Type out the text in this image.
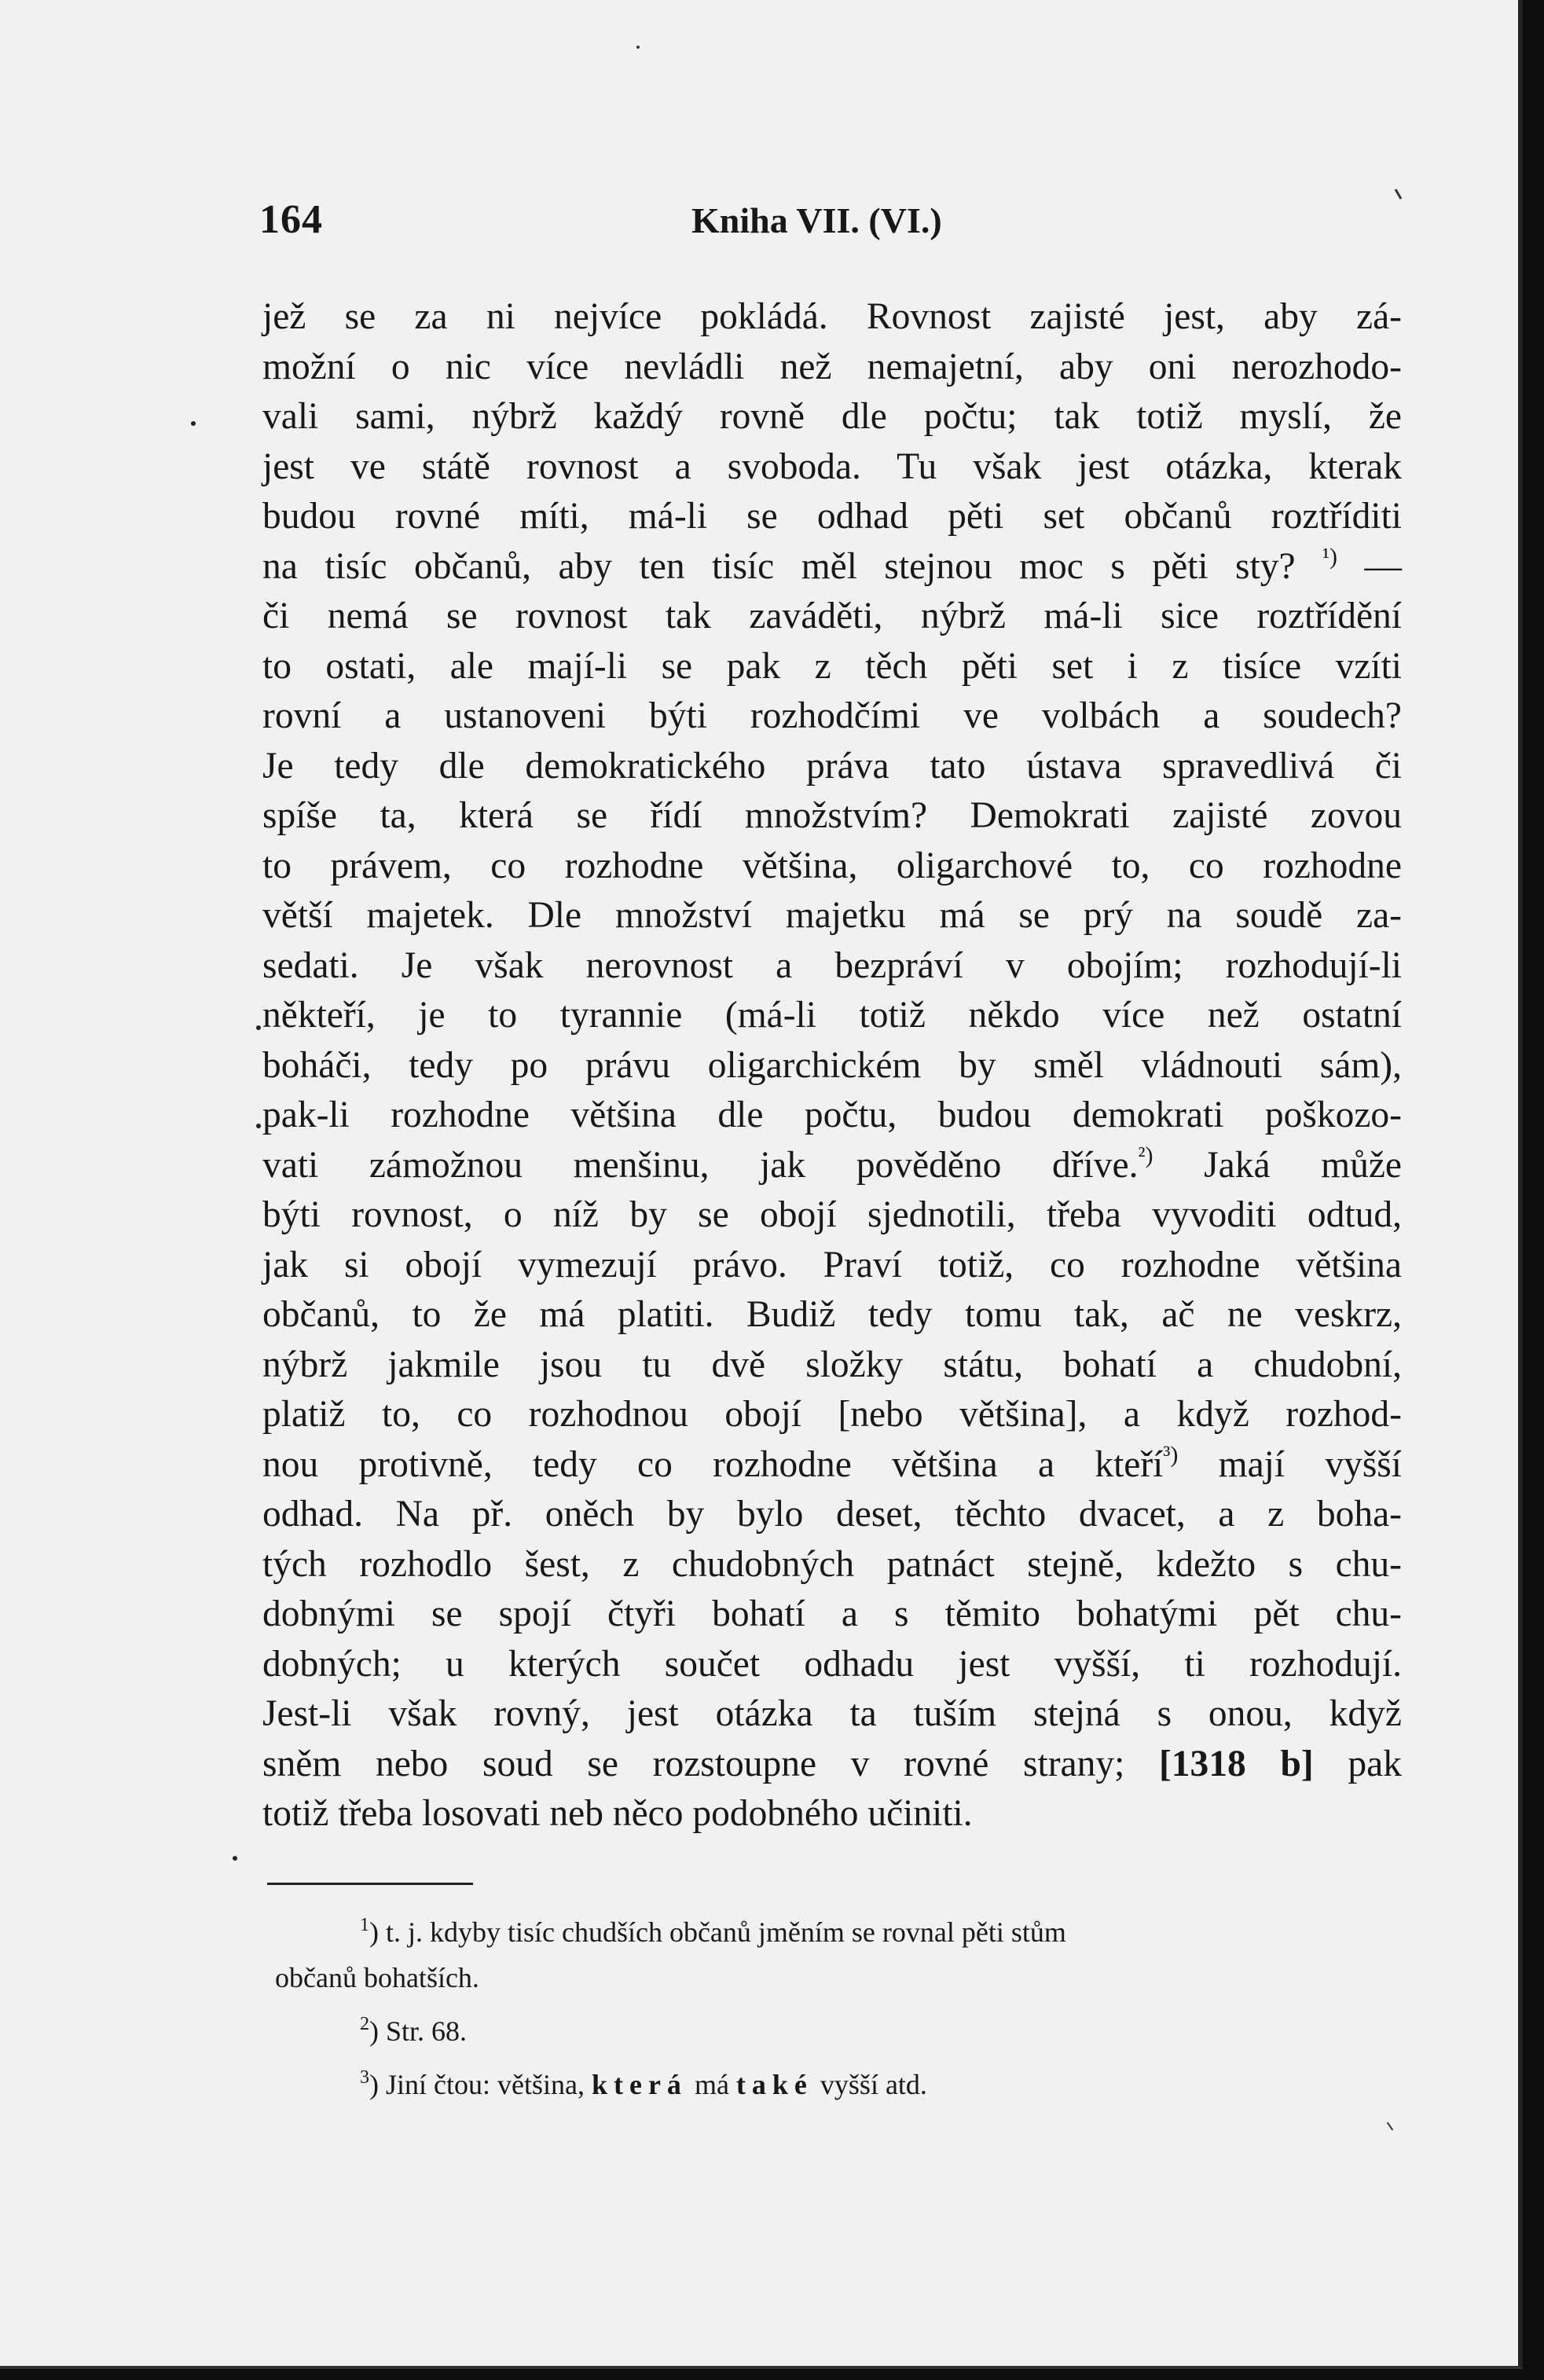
164	Kniha VII. (VI.)
jež se za ni nejvíce pokládá. Rovnost zajisté jest, aby zá-
možní o nic více nevládli než nemajetní, aby oni nerozhodo-
vali sami, nýbrž každý rovně dle počtu; tak totiž myslí, že
jest ve státě rovnost a svoboda. Tu však jest otázka, kterak
budou rovné míti, má-li se odhad pěti set občanů roztříditi
na tisíc občanů, aby ten tisíc měl stejnou moc s pěti sty? $^{^1)}$ —
či nemá se rovnost tak zaváděti, nýbrž má-li sice roztřídění
to ostati, ale mají-li se pak z těch pěti set i z tisíce vzíti
rovní a ustanoveni býti rozhodčími ve volbách a soudech?
Je tedy dle demokratického práva tato ústava spravedlivá či
spíše ta, která se řídí množstvím? Demokrati zajisté zovou
to právem, co rozhodne většina, oligarchové to, co rozhodne
větší majetek. Dle množství majetku má se prý na soudě za-
sedati. Je však nerovnost a bezpráví v obojím; rozhodují-li
někteří, je to tyrannie (má-li totiž někdo více než ostatní
boháči, tedy po právu oligarchickém by směl vládnouti sám),
pak-li rozhodne většina dle počtu, budou demokrati poškozo-
vati zámožnou menšinu, jak pověděno dříve.$^{^2)}$ Jaká může
býti rovnost, o níž by se obojí sjednotili, třeba vyvoditi odtud,
jak si obojí vymezují právo. Praví totiž, co rozhodne většina
občanů, to že má platiti. Budiž tedy tomu tak, ač ne veskrz,
nýbrž jakmile jsou tu dvě složky státu, bohatí a chudobní,
platiž to, co rozhodnou obojí [nebo většina], a když rozhod-
nou protivně, tedy co rozhodne většina a kteří$^{^3)}$ mají vyšší
odhad. Na př. oněch by bylo deset, těchto dvacet, a z boha-
tých rozhodlo šest, z chudobných patnáct stejně, kdežto s chu-
dobnými se spojí čtyři bohatí a s těmito bohatými pět chu-
dobných; u kterých součet odhadu jest vyšší, ti rozhodují.
Jest-li však rovný, jest otázka ta tuším stejná s onou, když
sněm nebo soud se rozstoupne v rovné strany; [1318 b] pak
totiž třeba losovati neb něco podobného učiniti.

$^1$) t. j. kdyby tisíc chudších občanů jměním se rovnal pěti stům
občanů bohatších.

$^2$) Str. 68.

$^3$) Jiní čtou: většina, která má také vyšší atd.
